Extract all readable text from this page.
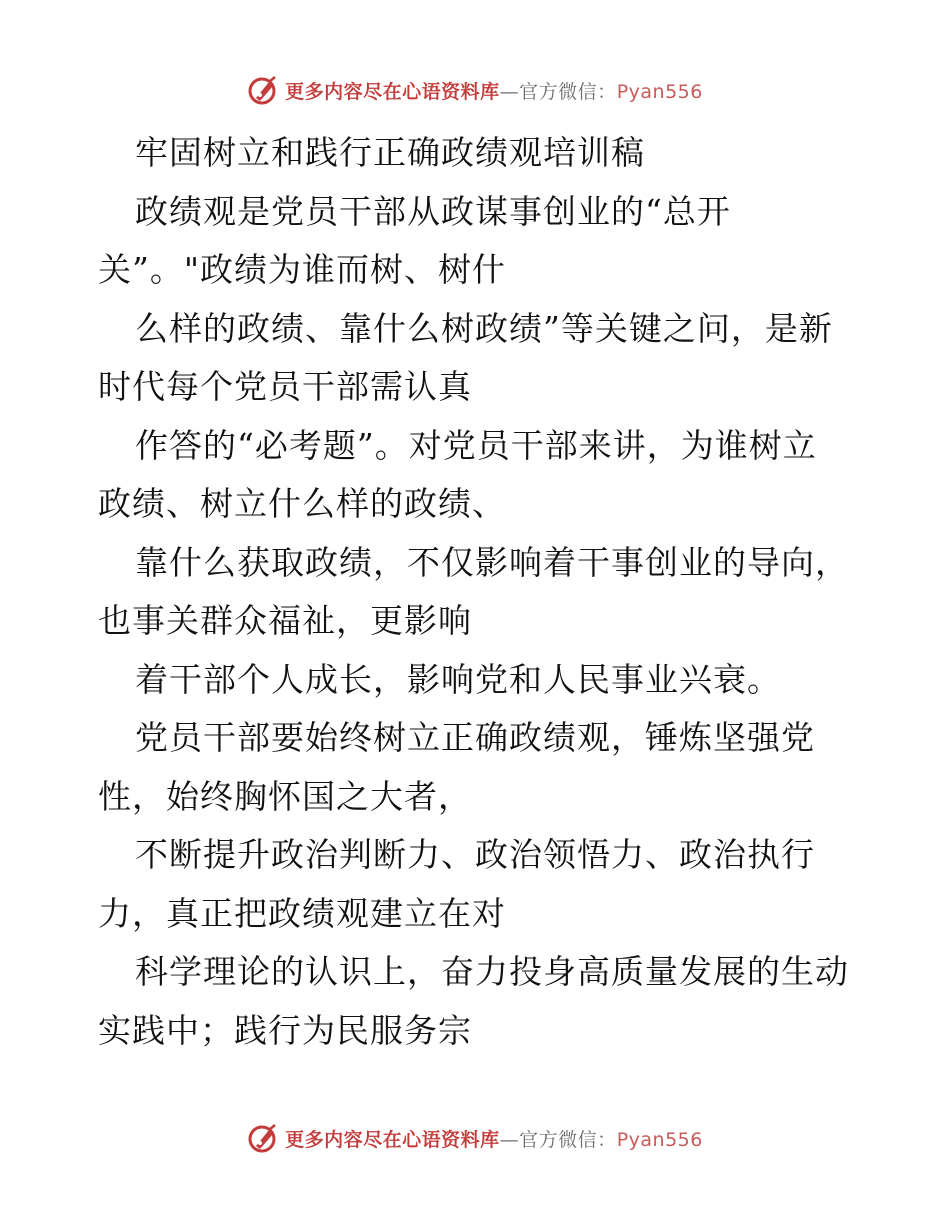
更多内容尽在心语资料库—官方微信：Pyan556
牢固树立和践行正确政绩观培训稿
政绩观是党员干部从政谋事创业的“总开
关”。"政绩为谁而树、树什
么样的政绩、靠什么树政绩”等关键之问，是新
时代每个党员干部需认真
作答的“必考题”。对党员干部来讲，为谁树立
政绩、树立什么样的政绩、
靠什么获取政绩，不仅影响着干事创业的导向，
也事关群众福祉，更影响
着干部个人成长，影响党和人民事业兴衰。
党员干部要始终树立正确政绩观，锤炼坚强党
性，始终胸怀国之大者，
不断提升政治判断力、政治领悟力、政治执行
力，真正把政绩观建立在对
科学理论的认识上，奋力投身高质量发展的生动
实践中；践行为民服务宗
更多内容尽在心语资料库—官方微信：Pyan556
